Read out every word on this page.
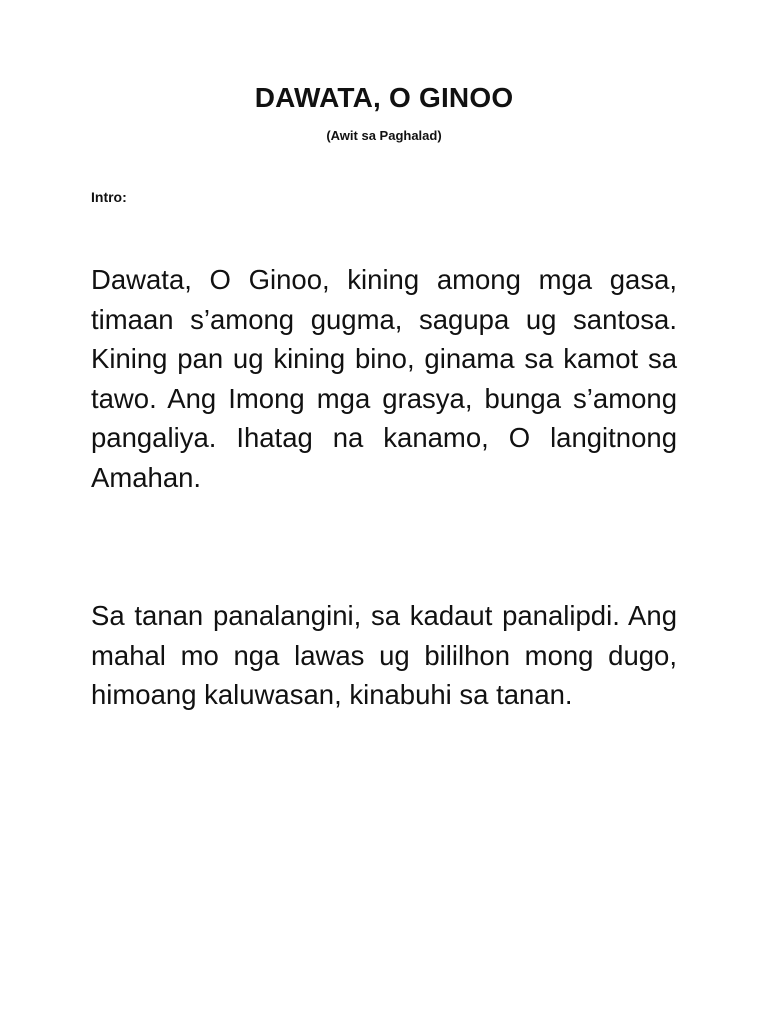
DAWATA, O GINOO
(Awit sa Paghalad)
Intro:

Dawata, O Ginoo, kining among mga gasa, timaan s’among gugma, sagupa ug santosa. Kining pan ug kining bino, ginama sa kamot sa tawo. Ang Imong mga grasya, bunga s’among pangaliya. Ihatag na kanamo, O langitnong Amahan.

Sa tanan panalangini, sa kadaut panalipdi. Ang mahal mo nga lawas ug bililhon mong dugo, himoang kaluwasan, kinabuhi sa tanan.
